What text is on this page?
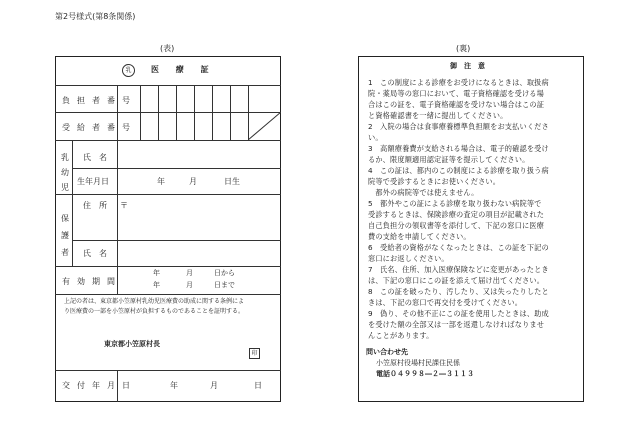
第2号様式(第8条関係)
(表)
乳	医 療 証
負担者番号
受給者番号
乳幼児
氏　名
生年月日	年	月	日生
保護者
住　所 〒
氏　名
有効期間
年	月	日から
年	月	日まで
上記の者は、東京都小笠原村乳幼児医療費の助成に関する条例によ
り医療費の一部を小笠原村が負担するものであることを証明する。
東京都小笠原村長
印
交付年月日	年	月	日
(裏)
御　注　意
1　この制度による診療をお受けになるときは、取扱病
院・薬局等の窓口において、電子資格確認を受ける場
合はこの証を、電子資格確認を受けない場合はこの証
と資格確認書を一緒に提出してください。
2　入院の場合は食事療養標準負担額をお支払いくださ
い。
3　高額療養費が支給される場合は、電子的確認を受け
るか、限度額適用認定証等を提示してください。
4　この証は、都内のこの制度による診療を取り扱う病
院等で受診するときにお使いください。
　都外の病院等では使えません。
5　都外やこの証による診療を取り扱わない病院等で
受診するときは、保険診療の査定の項目が記載された
自己負担分の領収書等を添付して、下記の窓口に医療
費の支給を申請してください。
6　受給者の資格がなくなったときは、この証を下記の
窓口にお返しください。
7　氏名、住所、加入医療保険などに変更があったとき
は、下記の窓口にこの証を添えて届け出てください。
8　この証を破ったり、汚したり、又は失ったりしたと
きは、下記の窓口で再交付を受けてください。
9　偽り、その他不正にこの証を使用したときは、助成
を受けた額の全部又は一部を返還しなければなりませ
んことがあります。
問い合わせ先
小笠原村役場村民課住民係
電話０４９９８―２―３１１３
